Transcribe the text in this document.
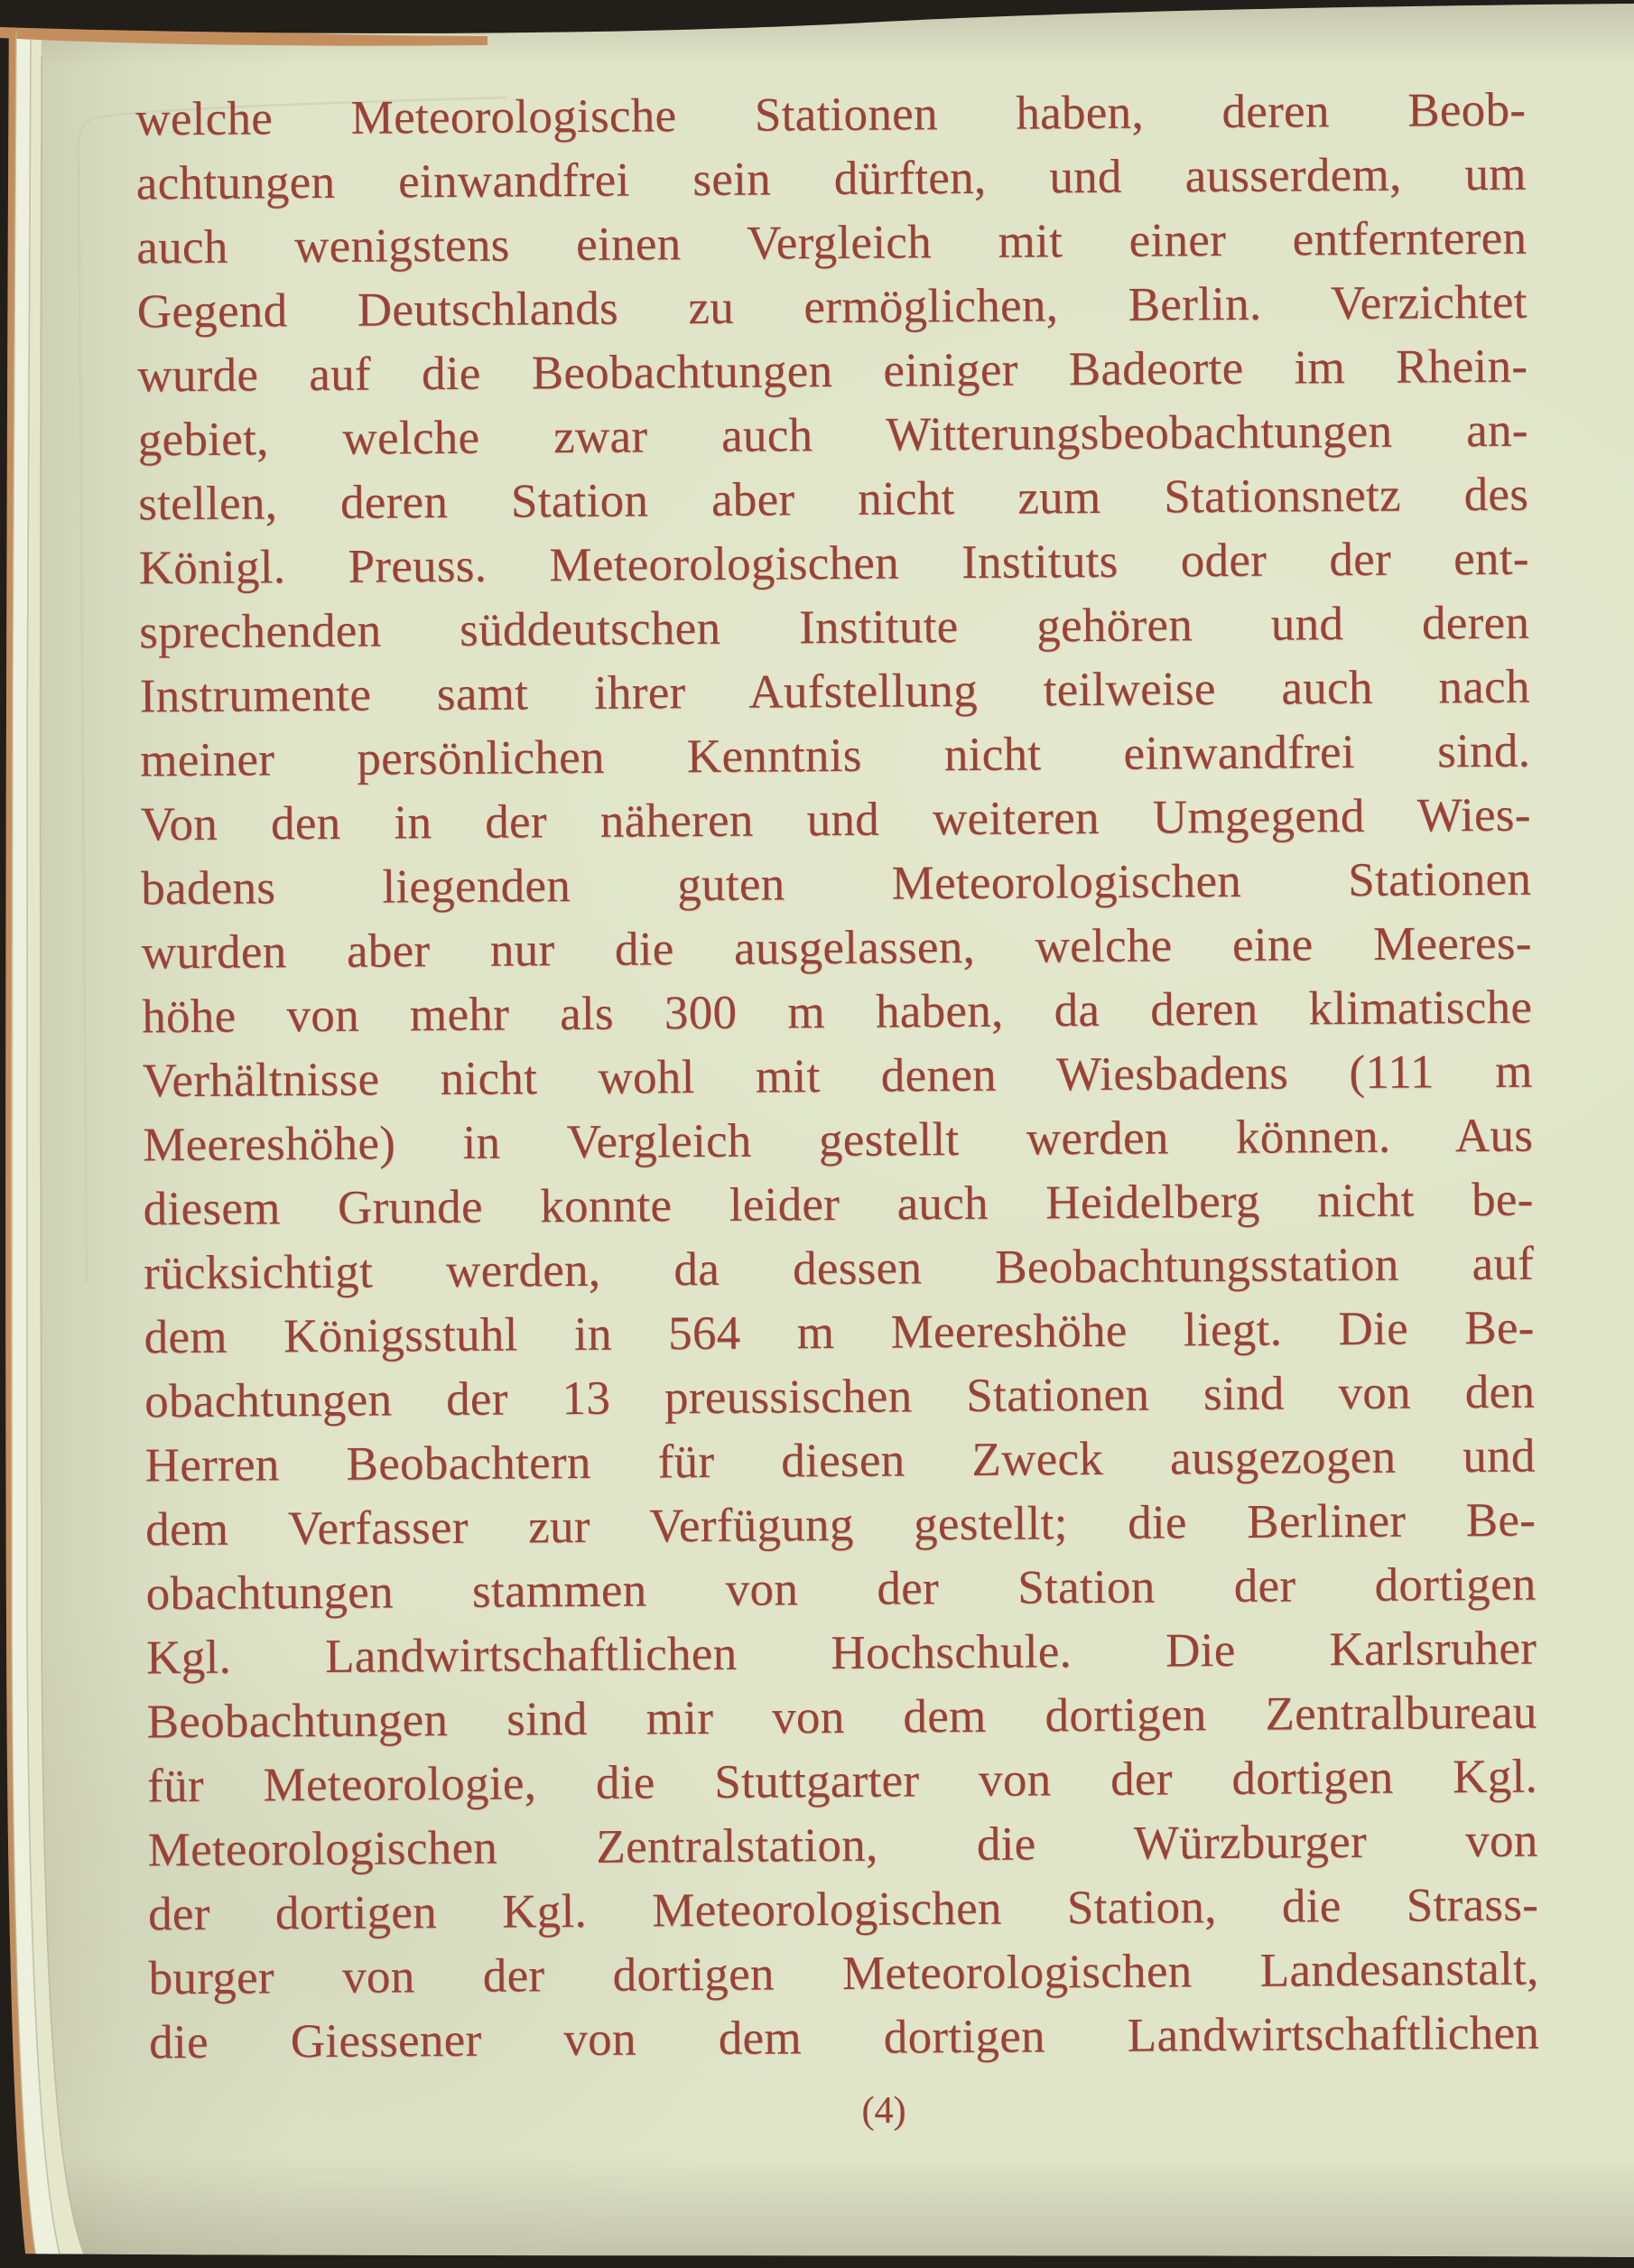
welche Meteorologische Stationen haben, deren Beob-
achtungen einwandfrei sein dürften, und ausserdem, um
auch wenigstens einen Vergleich mit einer entfernteren
Gegend Deutschlands zu ermöglichen, Berlin. Verzichtet
wurde auf die Beobachtungen einiger Badeorte im Rhein-
gebiet, welche zwar auch Witterungsbeobachtungen an-
stellen, deren Station aber nicht zum Stationsnetz des
Königl. Preuss. Meteorologischen Instituts oder der ent-
sprechenden süddeutschen Institute gehören und deren
Instrumente samt ihrer Aufstellung teilweise auch nach
meiner persönlichen Kenntnis nicht einwandfrei sind.
Von den in der näheren und weiteren Umgegend Wies-
badens liegenden guten Meteorologischen Stationen
wurden aber nur die ausgelassen, welche eine Meeres-
höhe von mehr als 300 m haben, da deren klimatische
Verhältnisse nicht wohl mit denen Wiesbadens (111 m
Meereshöhe) in Vergleich gestellt werden können. Aus
diesem Grunde konnte leider auch Heidelberg nicht be-
rücksichtigt werden, da dessen Beobachtungsstation auf
dem Königsstuhl in 564 m Meereshöhe liegt. Die Be-
obachtungen der 13 preussischen Stationen sind von den
Herren Beobachtern für diesen Zweck ausgezogen und
dem Verfasser zur Verfügung gestellt; die Berliner Be-
obachtungen stammen von der Station der dortigen
Kgl. Landwirtschaftlichen Hochschule. Die Karlsruher
Beobachtungen sind mir von dem dortigen Zentralbureau
für Meteorologie, die Stuttgarter von der dortigen Kgl.
Meteorologischen Zentralstation, die Würzburger von
der dortigen Kgl. Meteorologischen Station, die Strass-
burger von der dortigen Meteorologischen Landesanstalt,
die Giessener von dem dortigen Landwirtschaftlichen
(4)
